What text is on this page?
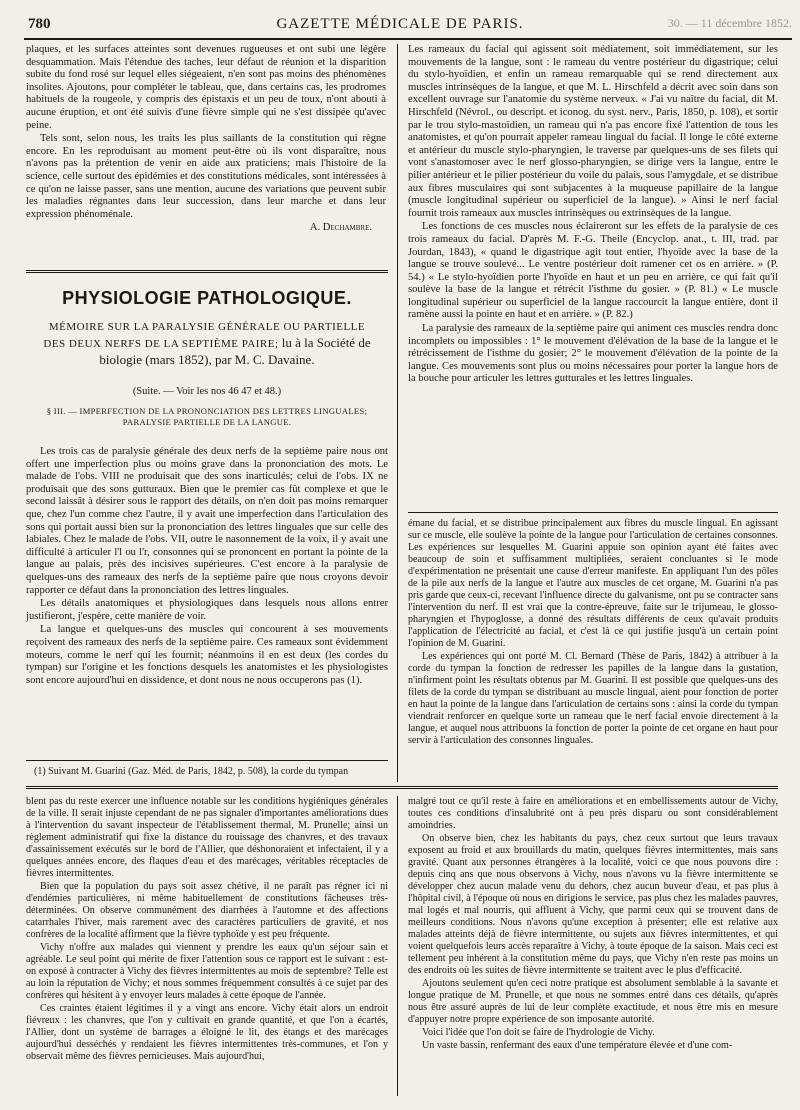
780	GAZETTE MÉDICALE DE PARIS.	30. — 11 décembre 1852.

plaques, et les surfaces atteintes sont devenues rugueuses et ont subi une légère desquammation. Mais l'étendue des taches, leur défaut de réunion et la disparition subite du fond rosé sur lequel elles siégeaient, n'en sont pas moins des phénomènes insolites. Ajoutons, pour compléter le tableau, que, dans certains cas, les prodromes habituels de la rougeole, y compris des épistaxis et un peu de toux, n'ont abouti à aucune éruption, et ont été suivis d'une fièvre simple qui ne s'est dissipée qu'avec peine.

Tels sont, selon nous, les traits les plus saillants de la constitution qui règne encore. En les reproduisant au moment peut-être où ils vont disparaître, nous n'avons pas la prétention de venir en aide aux praticiens; mais l'histoire de la science, celle surtout des épidémies et des constitutions médicales, sont intéressées à ce qu'on ne laisse passer, sans une mention, aucune des variations que peuvent subir les maladies régnantes dans leur succession, dans leur marche et dans leur expression phénoménale.

A. Dechambre.
PHYSIOLOGIE PATHOLOGIQUE.
MÉMOIRE SUR LA PARALYSIE GÉNÉRALE OU PARTIELLE DES DEUX NERFS DE LA SEPTIÈME PAIRE; lu à la Société de biologie (mars 1852), par M. C. Davaine.
(Suite. — Voir les nos 46 47 et 48.)
§ III. — IMPERFECTION DE LA PRONONCIATION DES LETTRES LINGUALES; PARALYSIE PARTIELLE DE LA LANGUE.

Les trois cas de paralysie générale des deux nerfs de la septième paire nous ont offert une imperfection plus ou moins grave dans la prononciation des mots. Le malade de l'obs. VIII ne produisait que des sons inarticulés; celui de l'obs. IX ne produisait que des sons gutturaux. Bien que le premier cas fût complexe et que le second laissât à désirer sous le rapport des détails, on n'en doit pas moins remarquer que, chez l'un comme chez l'autre, il y avait une imperfection dans l'articulation des sons qui portait aussi bien sur la prononciation des lettres linguales que sur celle des labiales. Chez le malade de l'obs. VII, outre le nasonnement de la voix, il y avait une difficulté à articuler l'l ou l'r, consonnes qui se prononcent en portant la pointe de la langue au palais, près des incisives supérieures. C'est encore à la paralysie de quelques-uns des rameaux des nerfs de la septième paire que nous croyons devoir rapporter ce défaut dans la prononciation des lettres linguales.

Les détails anatomiques et physiologiques dans lesquels nous allons entrer justifieront, j'espère, cette manière de voir.

La langue et quelques-uns des muscles qui concourent à ses mouvements reçoivent des rameaux des nerfs de la septième paire. Ces rameaux sont évidemment moteurs, comme le nerf qui les fournit; néanmoins il en est deux (les cordes du tympan) sur l'origine et les fonctions desquels les anatomistes et les physiologistes sont encore aujourd'hui en dissidence, et dont nous ne nous occuperons pas (1).

(1) Suivant M. Guarini (Gaz. Méd. de Paris, 1842, p. 508), la corde du tympan

Les rameaux du facial qui agissent soit médiatement, soit immédiatement, sur les mouvements de la langue, sont : le rameau du ventre postérieur du digastrique; celui du stylo-hyoïdien, et enfin un rameau remarquable qui se rend directement aux muscles intrinsèques de la langue, et que M. L. Hirschfeld a décrit avec soin dans son excellent ouvrage sur l'anatomie du système nerveux. « J'ai vu naître du facial, dit M. Hirschfeld (Névrol., ou descript. et iconog. du syst. nerv., Paris, 1850, p. 108), et sortir par le trou stylo-mastoïdien, un rameau qui n'a pas encore fixé l'attention de tous les anatomistes, et qu'on pourrait appeler rameau lingual du facial. Il longe le côté externe et antérieur du muscle stylo-pharyngien, le traverse par quelques-uns de ses filets qui vont s'anastomoser avec le nerf glosso-pharyngien, se dirige vers la langue, entre le pilier antérieur et le pilier postérieur du voile du palais, sous l'amygdale, et se distribue aux fibres musculaires qui sont subjacentes à la muqueuse papillaire de la langue (muscle longitudinal supérieur ou superficiel de la langue). » Ainsi le nerf facial fournit trois rameaux aux muscles intrinsèques ou extrinsèques de la langue.

Les fonctions de ces muscles nous éclaireront sur les effets de la paralysie de ces trois rameaux du facial. D'après M. F.-G. Theile (Encyclop. anat., t. III, trad. par Jourdan, 1843), « quand le digastrique agit tout entier, l'hyoïde avec la base de la langue se trouve soulevé... Le ventre postérieur doit ramener cet os en arrière. » (P. 54.) « Le stylo-hyoïdien porte l'hyoïde en haut et un peu en arrière, ce qui fait qu'il soulève la base de la langue et rétrécit l'isthme du gosier. » (P. 81.) « Le muscle longitudinal supérieur ou superficiel de la langue raccourcit la langue entière, dont il ramène aussi la pointe en haut et en arrière. » (P. 82.)

La paralysie des rameaux de la septième paire qui animent ces muscles rendra donc incomplets ou impossibles : 1° le mouvement d'élévation de la base de la langue et le rétrécissement de l'isthme du gosier; 2° le mouvement d'élévation de la pointe de la langue. Ces mouvements sont plus ou moins nécessaires pour porter la langue hors de la bouche pour articuler les lettres gutturales et les lettres linguales.

émane du facial, et se distribue principalement aux fibres du muscle lingual. En agissant sur ce muscle, elle soulève la pointe de la langue pour l'articulation de certaines consonnes. Les expériences sur lesquelles M. Guarini appuie son opinion ayant été faites avec beaucoup de soin et suffisamment multipliées, seraient concluantes si le mode d'expérimentation ne présentait une cause d'erreur manifeste. En appliquant l'un des pôles de la pile aux nerfs de la langue et l'autre aux muscles de cet organe, M. Guarini n'a pas pris garde que ceux-ci, recevant l'influence directe du galvanisme, ont pu se contracter sans l'intervention du nerf. Il est vrai que la contre-épreuve, faite sur le trijumeau, le glosso-pharyngien et l'hypoglosse, a donné des résultats différents de ceux qu'avait produits l'application de l'électricité au facial, et c'est là ce qui justifie jusqu'à un certain point l'opinion de M. Guarini.

Les expériences qui ont porté M. Cl. Bernard (Thèse de Paris, 1842) à attribuer à la corde du tympan la fonction de redresser les papilles de la langue dans la gustation, n'infirment point les résultats obtenus par M. Guarini. Il est possible que quelques-uns des filets de la corde du tympan se distribuant au muscle lingual, aient pour fonction de porter en haut la pointe de la langue dans l'articulation de certains sons : ainsi la corde du tympan viendrait renforcer en quelque sorte un rameau que le nerf facial envoie directement à la langue, et auquel nous attribuons la fonction de porter la pointe de cet organe en haut pour servir à l'articulation des consonnes linguales.

blent pas du reste exercer une influence notable sur les conditions hygiéniques générales de la ville. Il serait injuste cependant de ne pas signaler d'importantes améliorations dues à l'intervention du savant inspecteur de l'établissement thermal, M. Prunelle; ainsi un règlement administratif qui fixe la distance du rouissage des chanvres, et des travaux d'assainissement exécutés sur le bord de l'Allier, que déshonoraient et infectaient, il y a quelques années encore, des flaques d'eau et des marécages, véritables réceptacles de fièvres intermittentes.

Bien que la population du pays soit assez chétive, il ne paraît pas régner ici ni d'endémies particulières, ni même habituellement de constitutions fâcheuses très-déterminées. On observe communément des diarrhées à l'automne et des affections catarrhales l'hiver, mais rarement avec des caractères particuliers de gravité, et nos confrères de la localité affirment que la fièvre typhoïde y est peu fréquente.

Vichy n'offre aux malades qui viennent y prendre les eaux qu'un séjour sain et agréable. Le seul point qui mérite de fixer l'attention sous ce rapport est le suivant : est-on exposé à contracter à Vichy des fièvres intermittentes au mois de septembre? Telle est au loin la réputation de Vichy; et nous sommes fréquemment consultés à ce sujet par des confrères qui hésitent à y envoyer leurs malades à cette époque de l'année.

Ces craintes étaient légitimes il y a vingt ans encore. Vichy était alors un endroit fiévreux : les chanvres, que l'on y cultivait en grande quantité, et que l'on a écartés, l'Allier, dont un système de barrages a éloigné le lit, des étangs et des marécages aujourd'hui desséchés y rendaient les fièvres intermittentes très-communes, et l'on y observait même des fièvres pernicieuses. Mais aujourd'hui,

malgré tout ce qu'il reste à faire en améliorations et en embellissements autour de Vichy, toutes ces conditions d'insalubrité ont à peu près disparu ou sont considérablement amoindries.

On observe bien, chez les habitants du pays, chez ceux surtout que leurs travaux exposent au froid et aux brouillards du matin, quelques fièvres intermittentes, mais sans gravité. Quant aux personnes étrangères à la localité, voici ce que nous pouvons dire : depuis cinq ans que nous observons à Vichy, nous n'avons vu la fièvre intermittente se développer chez aucun malade venu du dehors, chez aucun buveur d'eau, et pas plus à l'hôpital civil, à l'époque où nous en dirigions le service, pas plus chez les malades pauvres, mal logés et mal nourris, qui affluent à Vichy, que parmi ceux qui se trouvent dans de meilleurs conditions. Nous n'avons qu'une exception à présenter; elle est relative aux malades atteints déjà de fièvre intermittente, ou sujets aux fièvres intermittentes, et qui voient quelquefois leurs accès reparaître à Vichy, à toute époque de la saison. Mais ceci est tellement peu inhérent à la constitution même du pays, que Vichy n'en reste pas moins un des endroits où les suites de fièvre intermittente se traitent avec le plus d'efficacité.

Ajoutons seulement qu'en ceci notre pratique est absolument semblable à la savante et longue pratique de M. Prunelle, et que nous ne sommes entré dans ces détails, qu'après nous être assuré auprès de lui de leur complète exactitude, et nous être mis en mesure d'appuyer notre propre expérience de son imposante autorité.

Voici l'idée que l'on doit se faire de l'hydrologie de Vichy.

Un vaste bassin, renfermant des eaux d'une température élevée et d'une com-
